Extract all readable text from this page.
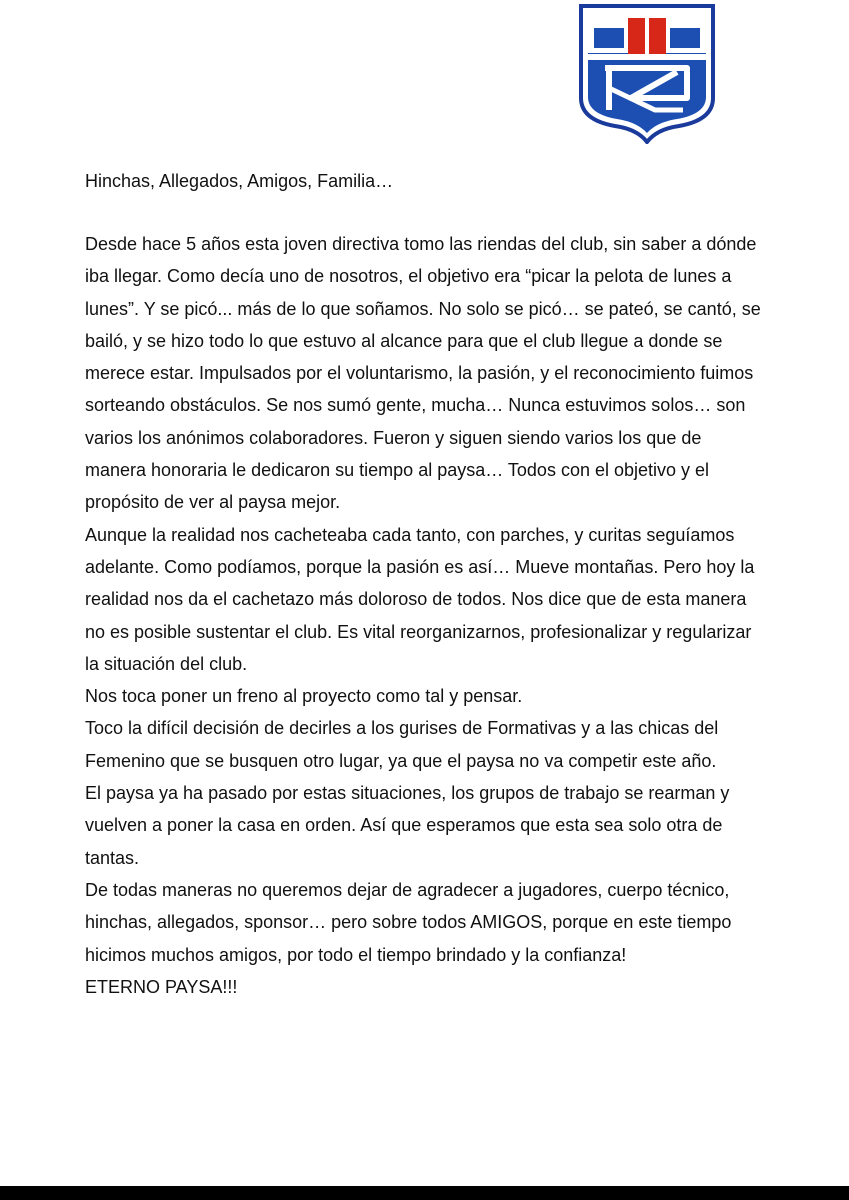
Hinchas, Allegados, Amigos, Familia…

Desde hace 5 años esta joven directiva tomo las riendas del club, sin saber a dónde iba llegar. Como decía uno de nosotros, el objetivo era “picar la pelota de lunes a lunes”. Y se picó... más de lo que soñamos. No solo se picó… se pateó, se cantó, se bailó, y se hizo todo lo que estuvo al alcance para que el club llegue a donde se merece estar. Impulsados por el voluntarismo, la pasión, y el reconocimiento fuimos sorteando obstáculos. Se nos sumó gente, mucha… Nunca estuvimos solos… son varios los anónimos colaboradores. Fueron y siguen siendo varios los que de manera honoraria le dedicaron su tiempo al paysa… Todos con el objetivo y el propósito de ver al paysa mejor.

Aunque la realidad nos cacheteaba cada tanto, con parches, y curitas seguíamos adelante. Como podíamos, porque la pasión es así… Mueve montañas. Pero hoy la realidad nos da el cachetazo más doloroso de todos. Nos dice que de esta manera no es posible sustentar el club. Es vital reorganizarnos, profesionalizar y regularizar la situación del club.

Nos toca poner un freno al proyecto como tal y pensar.

Toco la difícil decisión de decirles a los gurises de Formativas y a las chicas del Femenino que se busquen otro lugar, ya que el paysa no va competir este año.

El paysa ya ha pasado por estas situaciones, los grupos de trabajo se rearman y vuelven a poner la casa en orden. Así que esperamos que esta sea solo otra de tantas.

De todas maneras no queremos dejar de agradecer a jugadores, cuerpo técnico, hinchas, allegados, sponsor… pero sobre todos AMIGOS, porque en este tiempo hicimos muchos amigos, por todo el tiempo brindado y la confianza!

ETERNO PAYSA!!!
